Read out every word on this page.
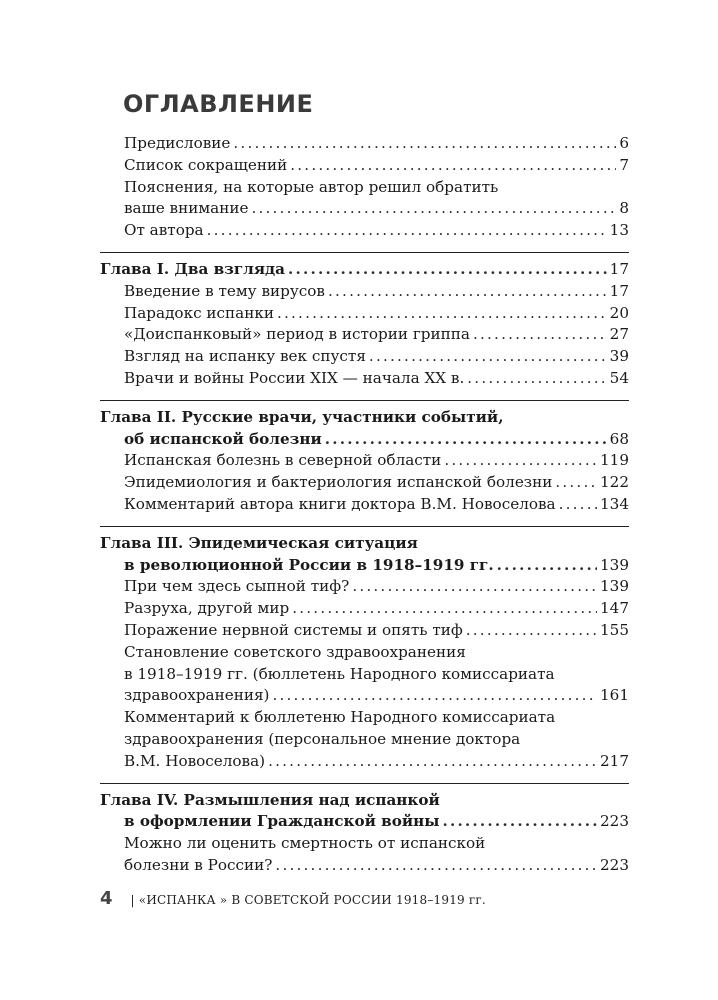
ОГЛАВЛЕНИЕ
Предисловие .....	6
Список сокращений .....	7
Пояснения, на которые автор решил обратить
ваше внимание .....	8
От автора .....	13
Глава I. Два взгляда .....	17
Введение в тему вирусов .....	17
Парадокс испанки .....	20
«Доиспанковый» период в истории гриппа .....	27
Взгляд на испанку век спустя .....	39
Врачи и войны России XIX — начала XX в. .....	54
Глава II. Русские врачи, участники событий,
об испанской болезни .....	68
Испанская болезнь в северной области .....	119
Эпидемиология и бактериология испанской болезни .....	122
Комментарий автора книги доктора В.М. Новоселова .....	134
Глава III. Эпидемическая ситуация
в революционной России в 1918–1919 гг. .....	139
При чем здесь сыпной тиф? .....	139
Разруха, другой мир .....	147
Поражение нервной системы и опять тиф .....	155
Становление советского здравоохранения
в 1918–1919 гг. (бюллетень Народного комиссариата
здравоохранения) .....	161
Комментарий к бюллетеню Народного комиссариата
здравоохранения (персональное мнение доктора
В.М. Новоселова) .....	217
Глава IV. Размышления над испанкой
в оформлении Гражданской войны .....	223
Можно ли оценить смертность от испанской
болезни в России? .....	223
4 | «ИСПАНКА » В СОВЕТСКОЙ РОССИИ 1918–1919 гг.
